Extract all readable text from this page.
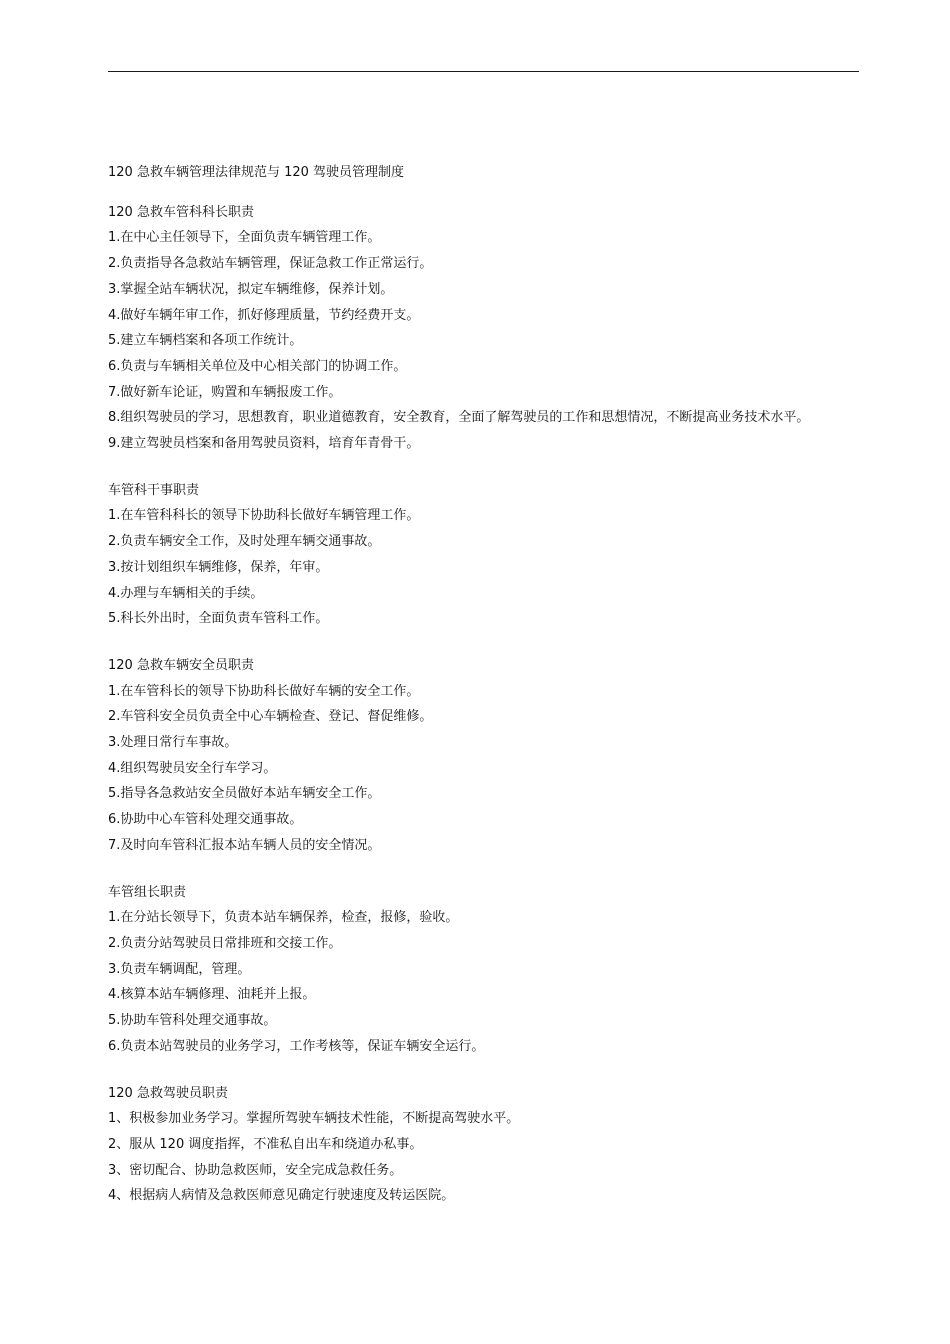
120 急救车辆管理法律规范与 120 驾驶员管理制度

120 急救车管科科长职责

1.在中心主任领导下，全面负责车辆管理工作。
2.负责指导各急救站车辆管理，保证急救工作正常运行。
3.掌握全站车辆状况，拟定车辆维修，保养计划。
4.做好车辆年审工作，抓好修理质量，节约经费开支。
5.建立车辆档案和各项工作统计。
6.负责与车辆相关单位及中心相关部门的协调工作。
7.做好新车论证，购置和车辆报废工作。
8.组织驾驶员的学习，思想教育，职业道德教育，安全教育，全面了解驾驶员的工作和思想情况，不断提高业务技术水平。
9.建立驾驶员档案和备用驾驶员资料，培育年青骨干。

车管科干事职责

1.在车管科科长的领导下协助科长做好车辆管理工作。
2.负责车辆安全工作，及时处理车辆交通事故。
3.按计划组织车辆维修，保养，年审。
4.办理与车辆相关的手续。
5.科长外出时，全面负责车管科工作。

120 急救车辆安全员职责

1.在车管科长的领导下协助科长做好车辆的安全工作。
2.车管科安全员负责全中心车辆检查、登记、督促维修。
3.处理日常行车事故。
4.组织驾驶员安全行车学习。
5.指导各急救站安全员做好本站车辆安全工作。
6.协助中心车管科处理交通事故。
7.及时向车管科汇报本站车辆人员的安全情况。

车管组长职责

1.在分站长领导下，负责本站车辆保养，检查，报修，验收。
2.负责分站驾驶员日常排班和交接工作。
3.负责车辆调配，管理。
4.核算本站车辆修理、油耗并上报。
5.协助车管科处理交通事故。
6.负责本站驾驶员的业务学习，工作考核等，保证车辆安全运行。

120 急救驾驶员职责

1、积极参加业务学习。掌握所驾驶车辆技术性能，不断提高驾驶水平。
2、服从 120 调度指挥，不准私自出车和绕道办私事。
3、密切配合、协助急救医师，安全完成急救任务。
4、根据病人病情及急救医师意见确定行驶速度及转运医院。
